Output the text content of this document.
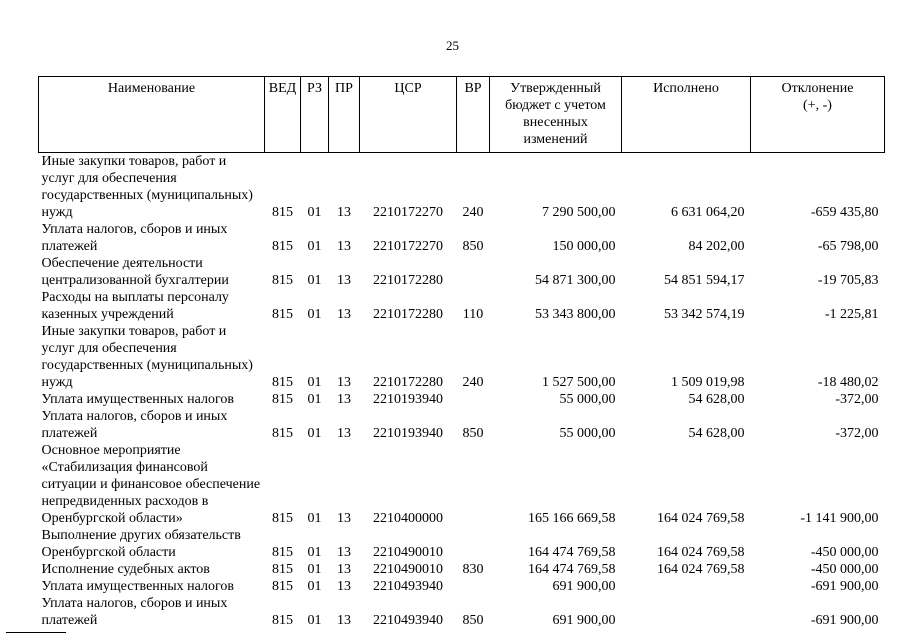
25
Наименование	ВЕД	РЗ	ПР	ЦСР	ВР	Утвержденный бюджет с учетом внесенных изменений	Исполнено	Отклонение (+, -)
Иные закупки товаров, работ и услуг для обеспечения государственных (муниципальных) нужд	815	01	13	2210172270	240	7 290 500,00	6 631 064,20	-659 435,80
Уплата налогов, сборов и иных платежей	815	01	13	2210172270	850	150 000,00	84 202,00	-65 798,00
Обеспечение деятельности централизованной бухгалтерии	815	01	13	2210172280		54 871 300,00	54 851 594,17	-19 705,83
Расходы на выплаты персоналу казенных учреждений	815	01	13	2210172280	110	53 343 800,00	53 342 574,19	-1 225,81
Иные закупки товаров, работ и услуг для обеспечения государственных (муниципальных) нужд	815	01	13	2210172280	240	1 527 500,00	1 509 019,98	-18 480,02
Уплата имущественных налогов	815	01	13	2210193940		55 000,00	54 628,00	-372,00
Уплата налогов, сборов и иных платежей	815	01	13	2210193940	850	55 000,00	54 628,00	-372,00
Основное мероприятие «Стабилизация финансовой ситуации и финансовое обеспечение непредвиденных расходов в Оренбургской области»	815	01	13	2210400000		165 166 669,58	164 024 769,58	-1 141 900,00
Выполнение других обязательств Оренбургской области	815	01	13	2210490010		164 474 769,58	164 024 769,58	-450 000,00
Исполнение судебных актов	815	01	13	2210490010	830	164 474 769,58	164 024 769,58	-450 000,00
Уплата имущественных налогов	815	01	13	2210493940		691 900,00		-691 900,00
Уплата налогов, сборов и иных платежей	815	01	13	2210493940	850	691 900,00		-691 900,00
